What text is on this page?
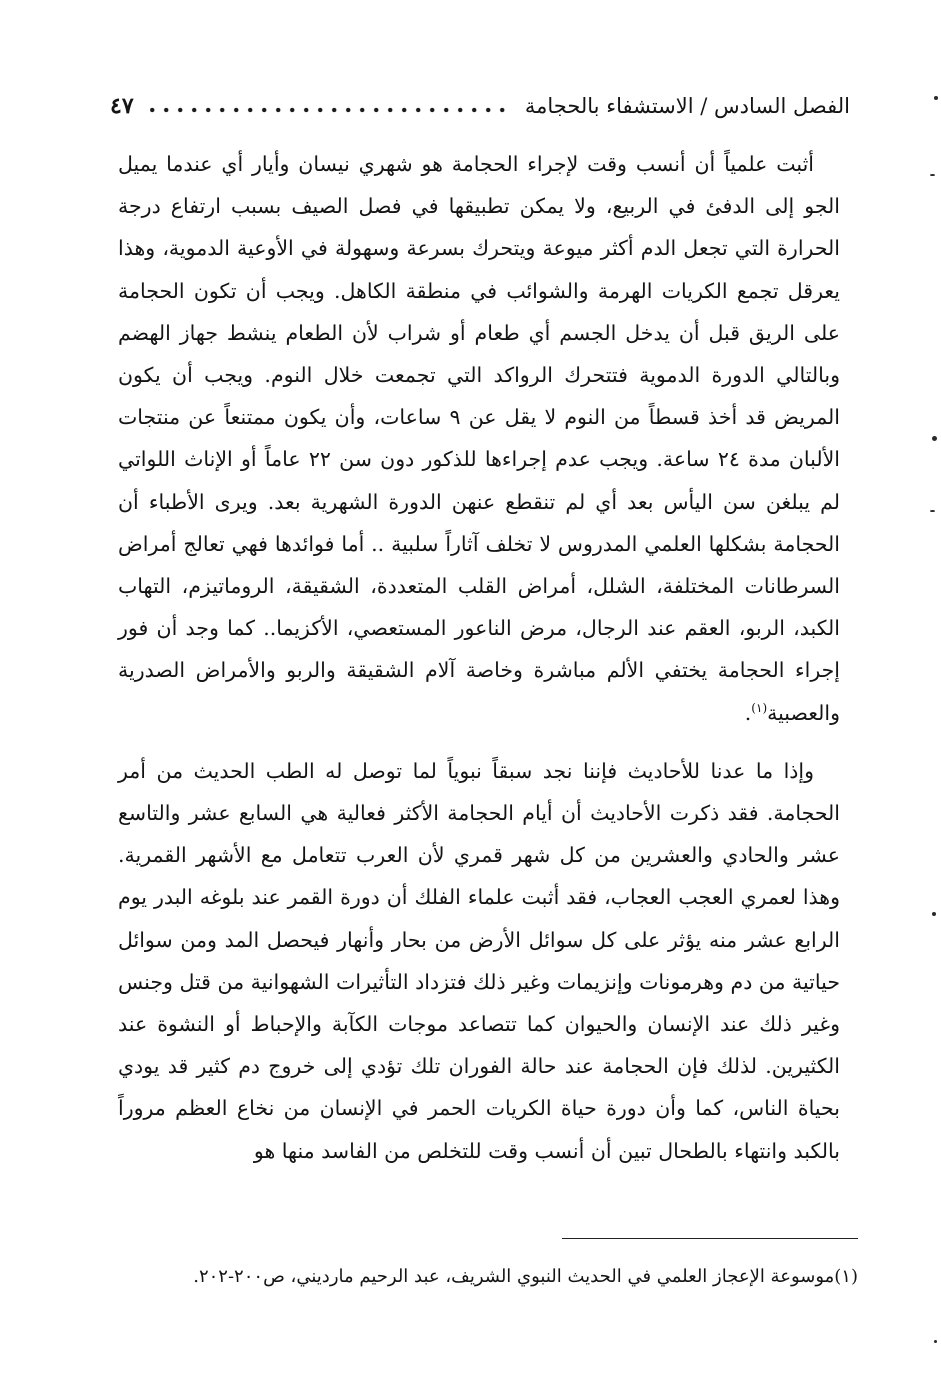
الفصل السادس / الاستشفاء بالحجامة
٤٧

أثبت علمياً أن أنسب وقت لإجراء الحجامة هو شهري نيسان وأيار أي عندما يميل الجو إلى الدفئ في الربيع، ولا يمكن تطبيقها في فصل الصيف بسبب ارتفاع درجة الحرارة التي تجعل الدم أكثر ميوعة ويتحرك بسرعة وسهولة في الأوعية الدموية، وهذا يعرقل تجمع الكريات الهرمة والشوائب في منطقة الكاهل. ويجب أن تكون الحجامة على الريق قبل أن يدخل الجسم أي طعام أو شراب لأن الطعام ينشط جهاز الهضم وبالتالي الدورة الدموية فتتحرك الرواكد التي تجمعت خلال النوم. ويجب أن يكون المريض قد أخذ قسطاً من النوم لا يقل عن ٩ ساعات، وأن يكون ممتنعاً عن منتجات الألبان مدة ٢٤ ساعة. ويجب عدم إجراءها للذكور دون سن ٢٢ عاماً أو الإناث اللواتي لم يبلغن سن اليأس بعد أي لم تنقطع عنهن الدورة الشهرية بعد. ويرى الأطباء أن الحجامة بشكلها العلمي المدروس لا تخلف آثاراً سلبية .. أما فوائدها فهي تعالج أمراض السرطانات المختلفة، الشلل، أمراض القلب المتعددة، الشقيقة، الروماتيزم، التهاب الكبد، الربو، العقم عند الرجال، مرض الناعور المستعصي، الأكزيما.. كما وجد أن فور إجراء الحجامة يختفي الألم مباشرة وخاصة آلام الشقيقة والربو والأمراض الصدرية والعصبية$^{(١)}$.

وإذا ما عدنا للأحاديث فإننا نجد سبقاً نبوياً لما توصل له الطب الحديث من أمر الحجامة. فقد ذكرت الأحاديث أن أيام الحجامة الأكثر فعالية هي السابع عشر والتاسع عشر والحادي والعشرين من كل شهر قمري لأن العرب تتعامل مع الأشهر القمرية. وهذا لعمري العجب العجاب، فقد أثبت علماء الفلك أن دورة القمر عند بلوغه البدر يوم الرابع عشر منه يؤثر على كل سوائل الأرض من بحار وأنهار فيحصل المد ومن سوائل حياتية من دم وهرمونات وإنزيمات وغير ذلك فتزداد التأثيرات الشهوانية من قتل وجنس وغير ذلك عند الإنسان والحيوان كما تتصاعد موجات الكآبة والإحباط أو النشوة عند الكثيرين. لذلك فإن الحجامة عند حالة الفوران تلك تؤدي إلى خروج دم كثير قد يودي بحياة الناس، كما وأن دورة حياة الكريات الحمر في الإنسان من نخاع العظم مروراً بالكبد وانتهاء بالطحال تبين أن أنسب وقت للتخلص من الفاسد منها هو

(١)موسوعة الإعجاز العلمي في الحديث النبوي الشريف، عبد الرحيم مارديني، ص٢٠٠-٢٠٢.
